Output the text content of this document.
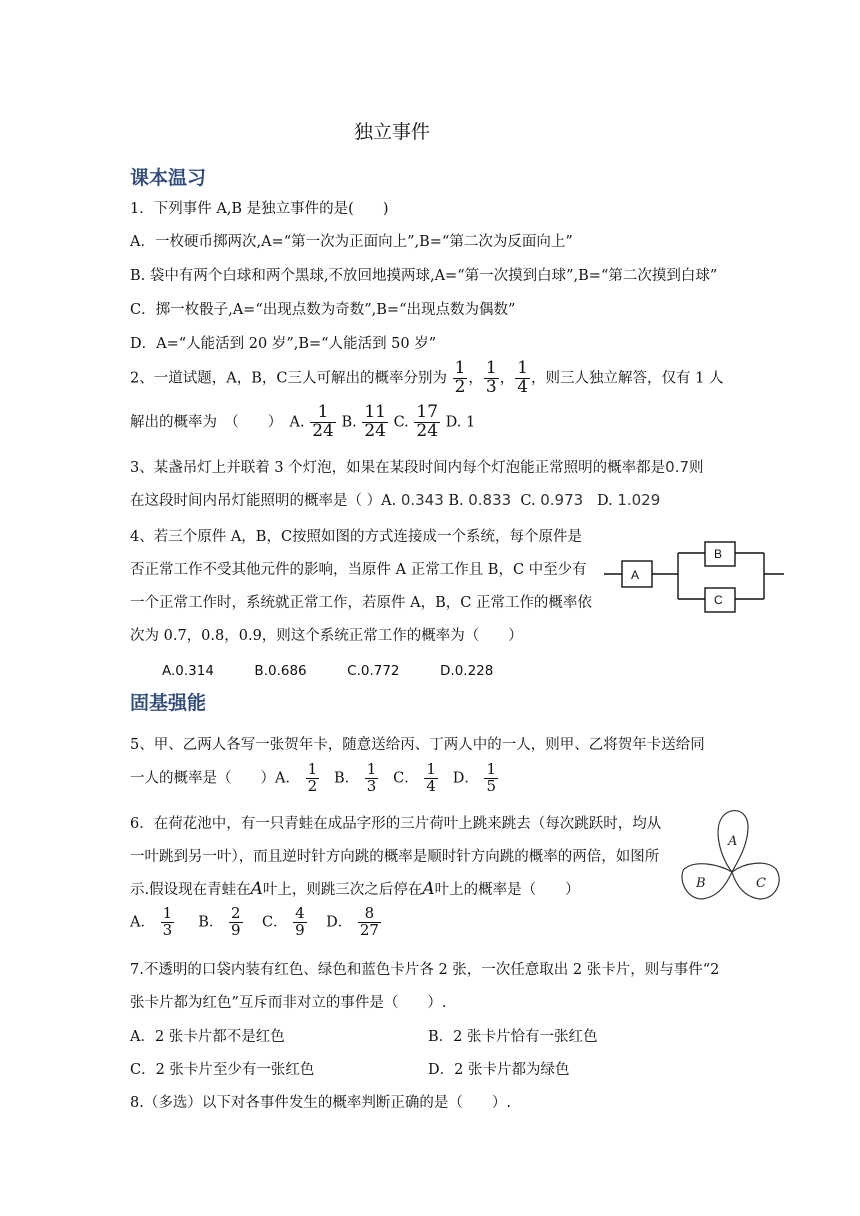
独立事件
课本温习
1．下列事件 A,B 是独立事件的是(　　)
A．一枚硬币掷两次,A=“第一次为正面向上”,B=“第二次为反面向上”
B. 袋中有两个白球和两个黑球,不放回地摸两球,A=“第一次摸到白球”,B=“第二次摸到白球”
C．掷一枚骰子,A=“出现点数为奇数”,B=“出现点数为偶数”
D．A=“人能活到 20 岁”,B=“人能活到 50 岁”
2、一道试题，A，B，C三人可解出的概率分别为 $\frac{1}{2}$ ， $\frac{1}{3}$ ， $\frac{1}{4}$ ，则三人独立解答，仅有 1 人
解出的概率为　（　　）　A. $\frac{1}{24} B$. $\frac{11}{24} C$. $\frac{17}{24} D$. 1
3、某盏吊灯上并联着 3 个灯泡，如果在某段时间内每个灯泡能正常照明的概率都是0.7则
在这段时间内吊灯能照明的概率是（ ）A. 0.343 B. 0.833 C. 0.973 D. 1.029
4、若三个原件 A，B，C按照如图的方式连接成一个系统，每个原件是
否正常工作不受其他元件的影响，当原件 A 正常工作且 B，C 中至少有
一个正常工作时，系统就正常工作，若原件 A，B，C 正常工作的概率依
次为 0.7，0.8，0.9，则这个系统正常工作的概率为（　　）
A.0.314　　　B.0.686　　　C.0.772　　　D.0.228
A
B
C
固基强能
5、甲、乙两人各写一张贺年卡，随意送给丙、丁两人中的一人，则甲、乙将贺年卡送给同
一人的概率是（　　）A． $\frac{1}{2}$ B． $\frac{1}{3}$ C． $\frac{1}{4}$ D． $\frac{1}{5}$
6．在荷花池中，有一只青蛙在成品字形的三片荷叶上跳来跳去（每次跳跃时，均从
一叶跳到另一叶），而且逆时针方向跳的概率是顺时针方向跳的概率的两倍，如图所
示.假设现在青蛙在A叶上，则跳三次之后停在A叶上的概率是（　　）
A． $\frac{1}{3}$ B． $\frac{2}{9}$ C． $\frac{4}{9}$ D． $\frac{8}{27}$
A
B	C
7.不透明的口袋内装有红色、绿色和蓝色卡片各 2 张，一次任意取出 2 张卡片，则与事件“2
张卡片都为红色”互斥而非对立的事件是（　　）.
A．2 张卡片都不是红色	B．2 张卡片恰有一张红色
C．2 张卡片至少有一张红色	D．2 张卡片都为绿色
8.（多选）以下对各事件发生的概率判断正确的是（　　）.
